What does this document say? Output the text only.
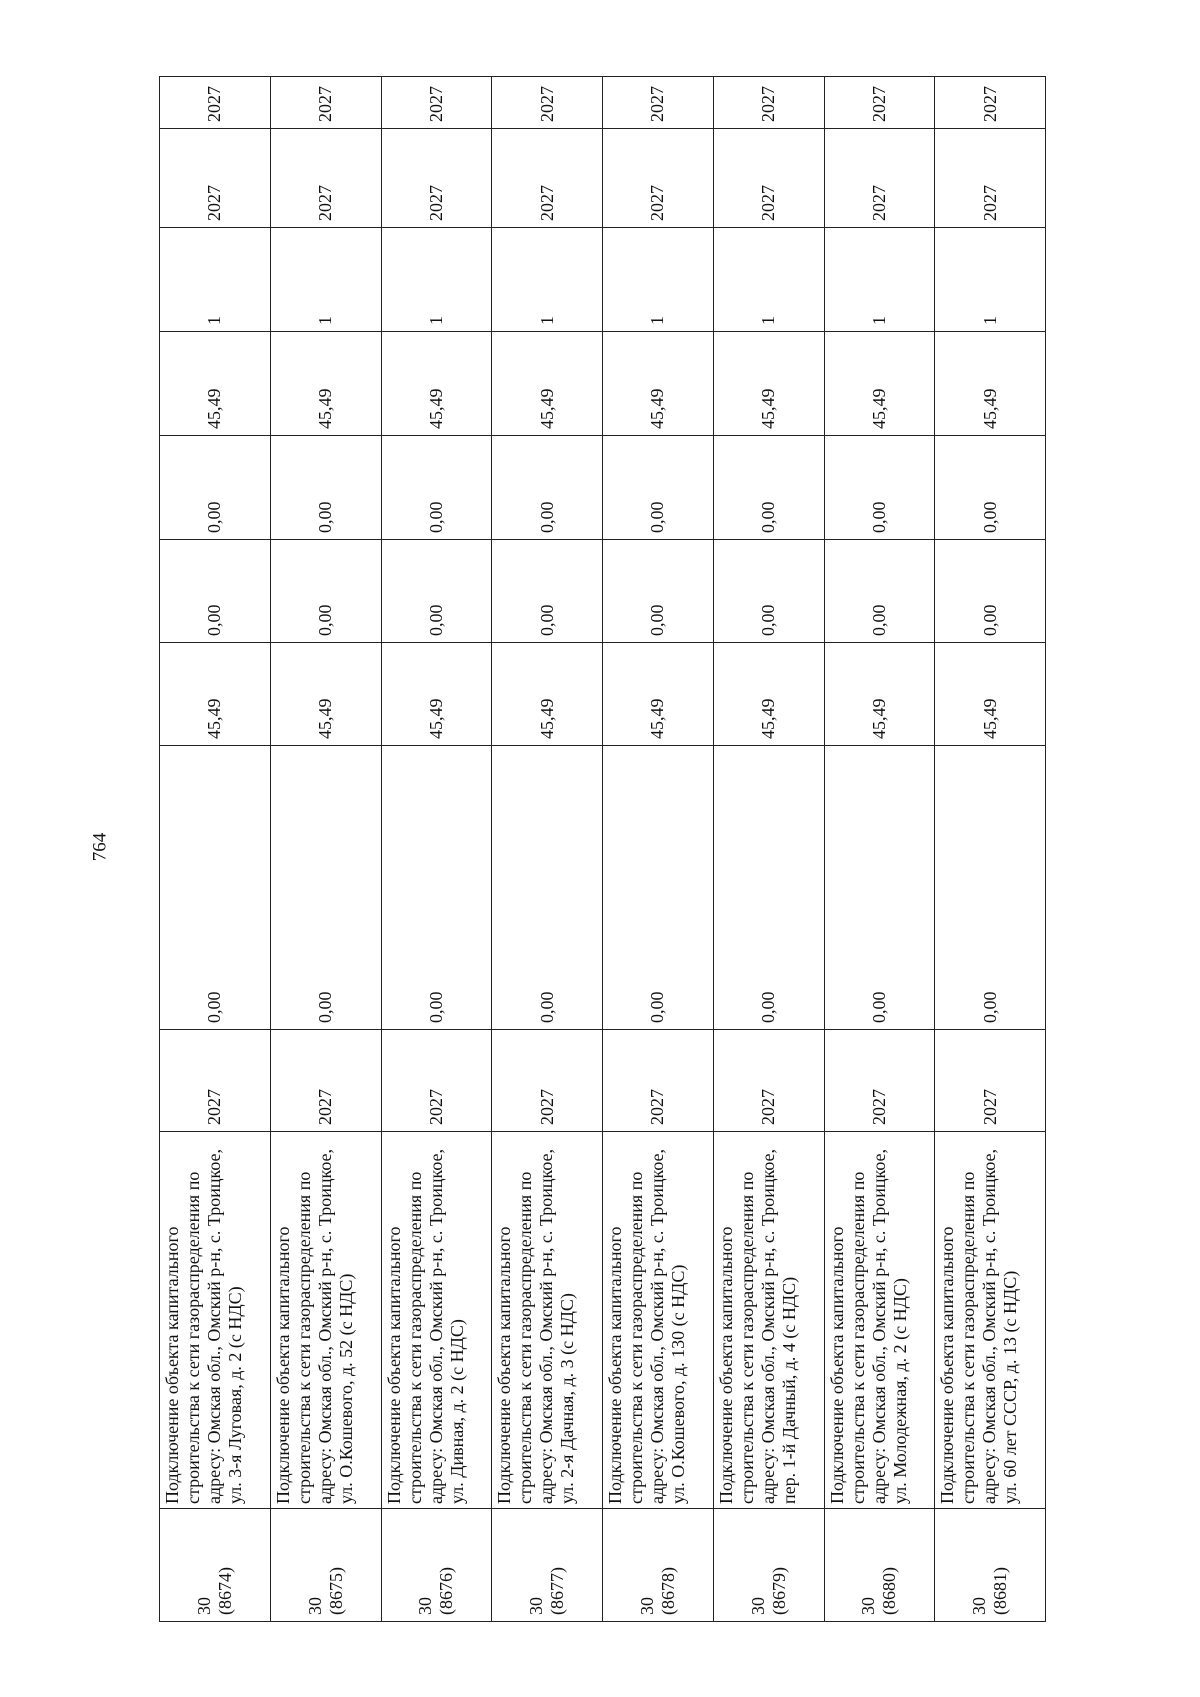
764
30
(8674)	Подключение объекта капитального строительства к сети газораспределения по адресу: Омская обл., Омский р-н, с. Троицкое, ул. 3-я Луговая, д. 2 (с НДС)	2027	0,00	45,49	0,00	0,00	45,49	1	2027	2027
30
(8675)	Подключение объекта капитального строительства к сети газораспределения по адресу: Омская обл., Омский р-н, с. Троицкое, ул. О.Кошевого, д. 52 (с НДС)	2027	0,00	45,49	0,00	0,00	45,49	1	2027	2027
30
(8676)	Подключение объекта капитального строительства к сети газораспределения по адресу: Омская обл., Омский р-н, с. Троицкое, ул. Дивная, д. 2 (с НДС)	2027	0,00	45,49	0,00	0,00	45,49	1	2027	2027
30
(8677)	Подключение объекта капитального строительства к сети газораспределения по адресу: Омская обл., Омский р-н, с. Троицкое, ул. 2-я Дачная, д. 3 (с НДС)	2027	0,00	45,49	0,00	0,00	45,49	1	2027	2027
30
(8678)	Подключение объекта капитального строительства к сети газораспределения по адресу: Омская обл., Омский р-н, с. Троицкое, ул. О.Кошевого, д. 130 (с НДС)	2027	0,00	45,49	0,00	0,00	45,49	1	2027	2027
30
(8679)	Подключение объекта капитального строительства к сети газораспределения по адресу: Омская обл., Омский р-н, с. Троицкое, пер. 1-й Дачный, д. 4 (с НДС)	2027	0,00	45,49	0,00	0,00	45,49	1	2027	2027
30
(8680)	Подключение объекта капитального строительства к сети газораспределения по адресу: Омская обл., Омский р-н, с. Троицкое, ул. Молодежная, д. 2 (с НДС)	2027	0,00	45,49	0,00	0,00	45,49	1	2027	2027
30
(8681)	Подключение объекта капитального строительства к сети газораспределения по адресу: Омская обл., Омский р-н, с. Троицкое, ул. 60 лет СССР, д. 13 (с НДС)	2027	0,00	45,49	0,00	0,00	45,49	1	2027	2027
